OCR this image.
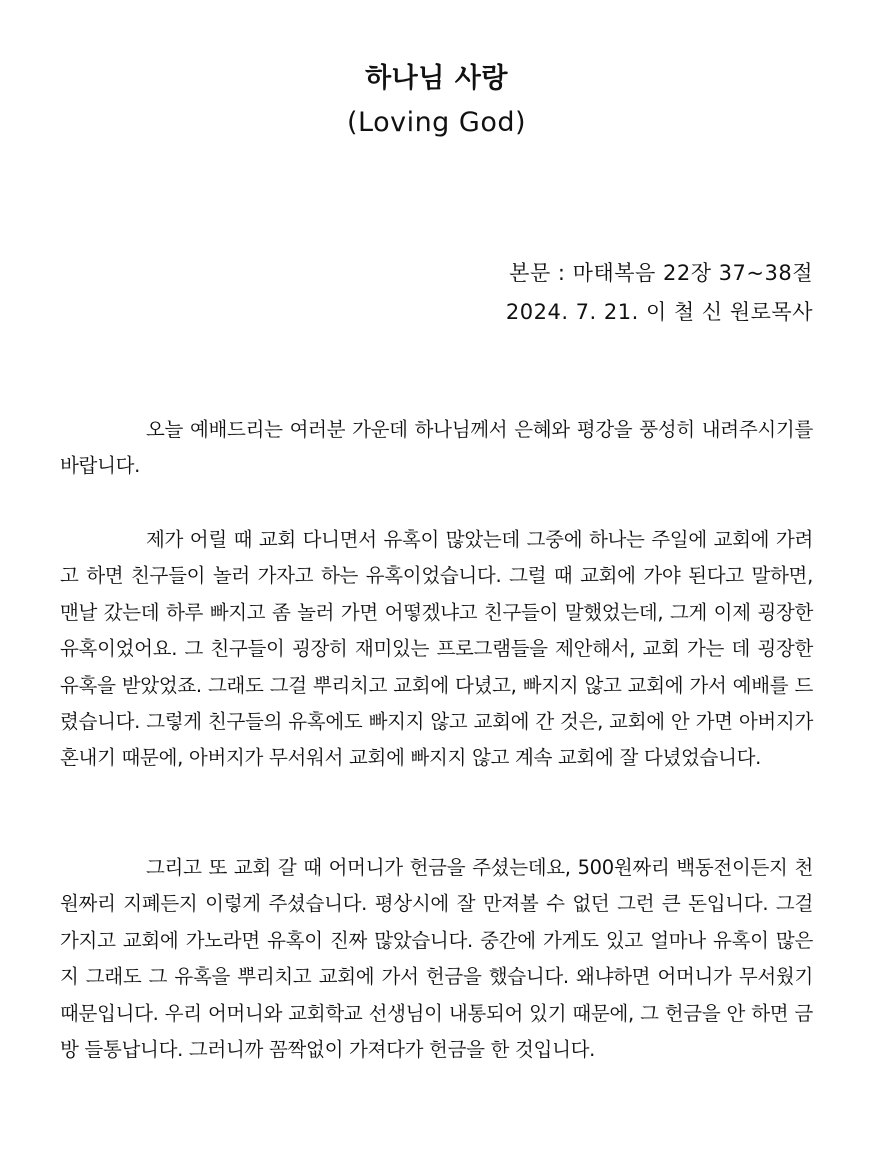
하나님 사랑
(Loving God)
본문 : 마태복음 22장 37~38절
2024. 7. 21. 이 철 신 원로목사

오늘 예배드리는 여러분 가운데 하나님께서 은혜와 평강을 풍성히 내려주시기를 바랍니다.

제가 어릴 때 교회 다니면서 유혹이 많았는데 그중에 하나는 주일에 교회에 가려고 하면 친구들이 놀러 가자고 하는 유혹이었습니다. 그럴 때 교회에 가야 된다고 말하면, 맨날 갔는데 하루 빠지고 좀 놀러 가면 어떻겠냐고 친구들이 말했었는데, 그게 이제 굉장한 유혹이었어요. 그 친구들이 굉장히 재미있는 프로그램들을 제안해서, 교회 가는 데 굉장한 유혹을 받았었죠. 그래도 그걸 뿌리치고 교회에 다녔고, 빠지지 않고 교회에 가서 예배를 드렸습니다. 그렇게 친구들의 유혹에도 빠지지 않고 교회에 간 것은, 교회에 안 가면 아버지가 혼내기 때문에, 아버지가 무서워서 교회에 빠지지 않고 계속 교회에 잘 다녔었습니다.

그리고 또 교회 갈 때 어머니가 헌금을 주셨는데요, 500원짜리 백동전이든지 천원짜리 지폐든지 이렇게 주셨습니다. 평상시에 잘 만져볼 수 없던 그런 큰 돈입니다. 그걸 가지고 교회에 가노라면 유혹이 진짜 많았습니다. 중간에 가게도 있고 얼마나 유혹이 많은지 그래도 그 유혹을 뿌리치고 교회에 가서 헌금을 했습니다. 왜냐하면 어머니가 무서웠기 때문입니다. 우리 어머니와 교회학교 선생님이 내통되어 있기 때문에, 그 헌금을 안 하면 금방 들통납니다. 그러니까 꼼짝없이 가져다가 헌금을 한 것입니다.
